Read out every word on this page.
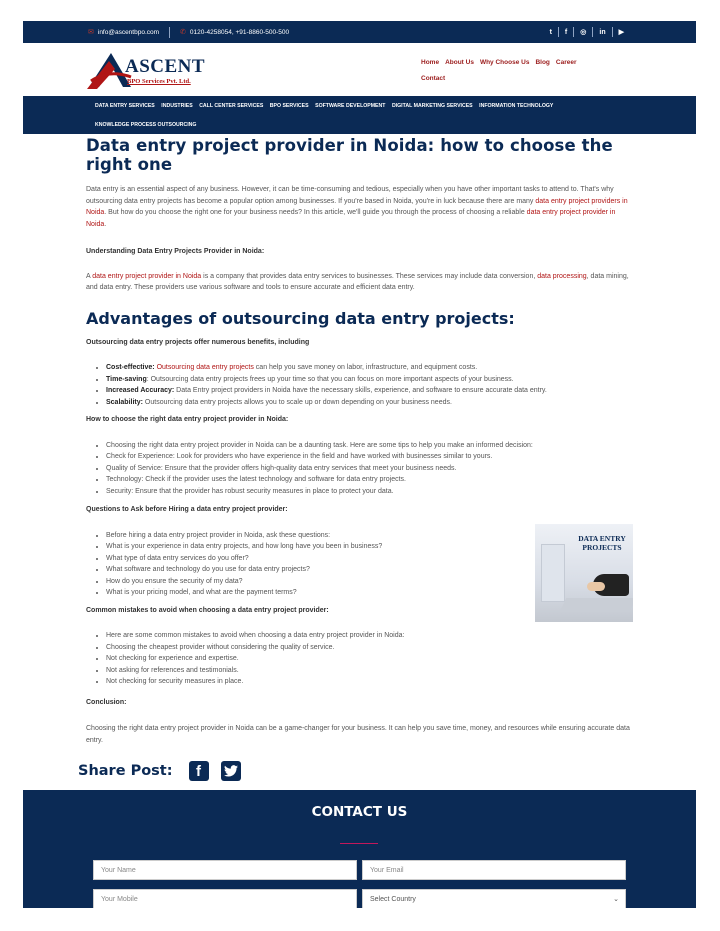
✉ info@ascentbpo.com	✆ 0120-4258054, +91-8860-500-500	t	f	◎	in	▶
ASCENT
BPO Services Pvt. Ltd.
Home About Us Why Choose Us Blog Career
Contact
DATA ENTRY SERVICES INDUSTRIES CALL CENTER SERVICES BPO SERVICES SOFTWARE DEVELOPMENT DIGITAL MARKETING SERVICES INFORMATION TECHNOLOGY
KNOWLEDGE PROCESS OUTSOURCING
Data entry project provider in Noida: how to choose the right one

Data entry is an essential aspect of any business. However, it can be time-consuming and tedious, especially when you have other important tasks to attend to. That's why outsourcing data entry projects has become a popular option among businesses. If you're based in Noida, you're in luck because there are many data entry project providers in Noida. But how do you choose the right one for your business needs? In this article, we'll guide you through the process of choosing a reliable data entry project provider in Noida.

Understanding Data Entry Projects Provider in Noida:

A data entry project provider in Noida is a company that provides data entry services to businesses. These services may include data conversion, data processing, data mining, and data entry. These providers use various software and tools to ensure accurate and efficient data entry.

Advantages of outsourcing data entry projects:

Outsourcing data entry projects offer numerous benefits, including

• Cost-effective: Outsourcing data entry projects can help you save money on labor, infrastructure, and equipment costs.
• Time-saving: Outsourcing data entry projects frees up your time so that you can focus on more important aspects of your business.
• Increased Accuracy: Data Entry project providers in Noida have the necessary skills, experience, and software to ensure accurate data entry.
• Scalability: Outsourcing data entry projects allows you to scale up or down depending on your business needs.

How to choose the right data entry project provider in Noida:

• Choosing the right data entry project provider in Noida can be a daunting task. Here are some tips to help you make an informed decision:
• Check for Experience: Look for providers who have experience in the field and have worked with businesses similar to yours.
• Quality of Service: Ensure that the provider offers high-quality data entry services that meet your business needs.
• Technology: Check if the provider uses the latest technology and software for data entry projects.
• Security: Ensure that the provider has robust security measures in place to protect your data.

Questions to Ask before Hiring a data entry project provider:

• Before hiring a data entry project provider in Noida, ask these questions:
• What is your experience in data entry projects, and how long have you been in business?
• What type of data entry services do you offer?
• What software and technology do you use for data entry projects?
• How do you ensure the security of my data?
• What is your pricing model, and what are the payment terms?

Common mistakes to avoid when choosing a data entry project provider:

• Here are some common mistakes to avoid when choosing a data entry project provider in Noida:
• Choosing the cheapest provider without considering the quality of service.
• Not checking for experience and expertise.
• Not asking for references and testimonials.
• Not checking for security measures in place.

Conclusion:

Choosing the right data entry project provider in Noida can be a game-changer for your business. It can help you save time, money, and resources while ensuring accurate data entry.

DATA ENTRY PROJECTS
Share Post:	f
CONTACT US
Your Name	Your Email
Your Mobile	Select Country	⌄
